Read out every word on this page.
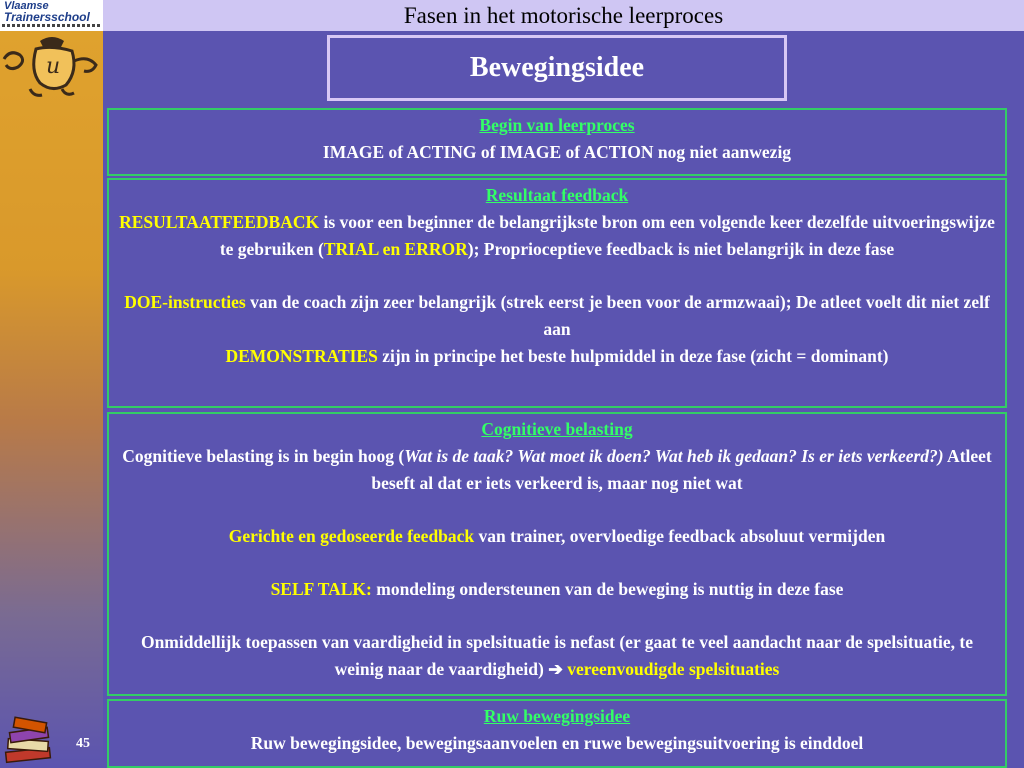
Vlaamse
Trainersschool
u
Fasen in het motorische leerproces
Bewegingsidee
Begin van leerproces
IMAGE of ACTING of IMAGE of ACTION nog niet aanwezig
Resultaat feedback
RESULTAATFEEDBACK is voor een beginner de belangrijkste bron om een volgende keer dezelfde uitvoeringswijze te gebruiken (TRIAL en ERROR); Proprioceptieve feedback is niet belangrijk in deze fase
DOE-instructies van de coach zijn zeer belangrijk (strek eerst je been voor de armzwaai); De atleet voelt dit niet zelf aan
DEMONSTRATIES zijn in principe het beste hulpmiddel in deze fase (zicht = dominant)
Cognitieve belasting
Cognitieve belasting is in begin hoog (Wat is de taak? Wat moet ik doen? Wat heb ik gedaan? Is er iets verkeerd?) Atleet beseft al dat er iets verkeerd is, maar nog niet wat
Gerichte en gedoseerde feedback van trainer, overvloedige feedback absoluut vermijden
SELF TALK: mondeling ondersteunen van de beweging is nuttig in deze fase
Onmiddellijk toepassen van vaardigheid in spelsituatie is nefast (er gaat te veel aandacht naar de spelsituatie, te weinig naar de vaardigheid) ➔ vereenvoudigde spelsituaties
Ruw bewegingsidee
Ruw bewegingsidee, bewegingsaanvoelen en ruwe bewegingsuitvoering is einddoel
45
